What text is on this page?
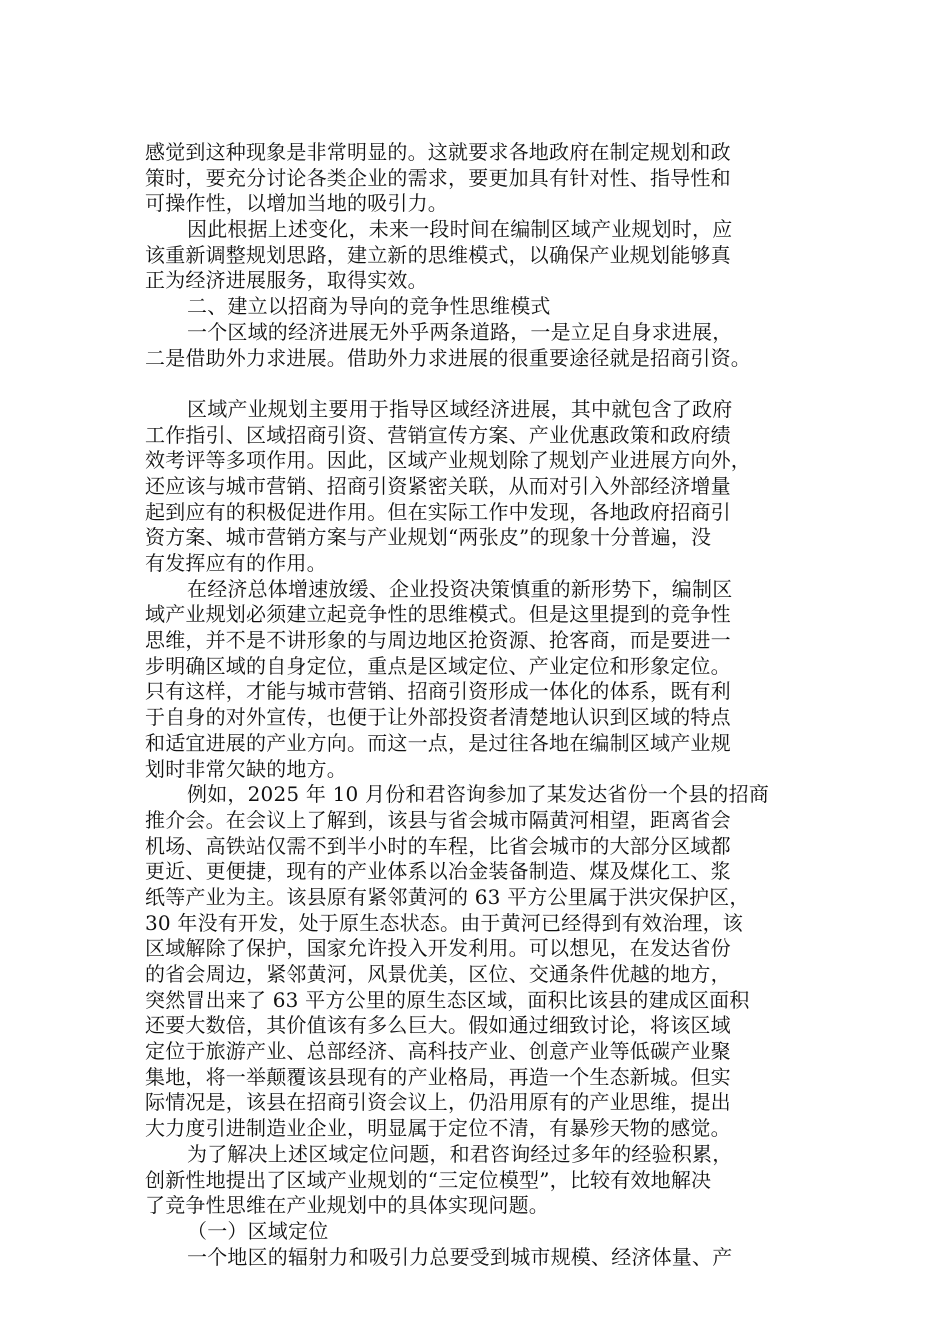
感觉到这种现象是非常明显的。这就要求各地政府在制定规划和政
策时，要充分讨论各类企业的需求，要更加具有针对性、指导性和
可操作性，以增加当地的吸引力。
因此根据上述变化，未来一段时间在编制区域产业规划时，应
该重新调整规划思路，建立新的思维模式，以确保产业规划能够真
正为经济进展服务，取得实效。
二、建立以招商为导向的竞争性思维模式
一个区域的经济进展无外乎两条道路，一是立足自身求进展，
二是借助外力求进展。借助外力求进展的很重要途径就是招商引资。
区域产业规划主要用于指导区域经济进展，其中就包含了政府
工作指引、区域招商引资、营销宣传方案、产业优惠政策和政府绩
效考评等多项作用。因此，区域产业规划除了规划产业进展方向外，
还应该与城市营销、招商引资紧密关联，从而对引入外部经济增量
起到应有的积极促进作用。但在实际工作中发现，各地政府招商引
资方案、城市营销方案与产业规划“两张皮”的现象十分普遍，没
有发挥应有的作用。
在经济总体增速放缓、企业投资决策慎重的新形势下，编制区
域产业规划必须建立起竞争性的思维模式。但是这里提到的竞争性
思维，并不是不讲形象的与周边地区抢资源、抢客商，而是要进一
步明确区域的自身定位，重点是区域定位、产业定位和形象定位。
只有这样，才能与城市营销、招商引资形成一体化的体系，既有利
于自身的对外宣传，也便于让外部投资者清楚地认识到区域的特点
和适宜进展的产业方向。而这一点，是过往各地在编制区域产业规
划时非常欠缺的地方。
例如，2025 年 10 月份和君咨询参加了某发达省份一个县的招商
推介会。在会议上了解到，该县与省会城市隔黄河相望，距离省会
机场、高铁站仅需不到半小时的车程，比省会城市的大部分区域都
更近、更便捷，现有的产业体系以冶金装备制造、煤及煤化工、浆
纸等产业为主。该县原有紧邻黄河的 63 平方公里属于洪灾保护区，
30 年没有开发，处于原生态状态。由于黄河已经得到有效治理，该
区域解除了保护，国家允许投入开发利用。可以想见，在发达省份
的省会周边，紧邻黄河，风景优美，区位、交通条件优越的地方，
突然冒出来了 63 平方公里的原生态区域，面积比该县的建成区面积
还要大数倍，其价值该有多么巨大。假如通过细致讨论，将该区域
定位于旅游产业、总部经济、高科技产业、创意产业等低碳产业聚
集地，将一举颠覆该县现有的产业格局，再造一个生态新城。但实
际情况是，该县在招商引资会议上，仍沿用原有的产业思维，提出
大力度引进制造业企业，明显属于定位不清，有暴殄天物的感觉。
为了解决上述区域定位问题，和君咨询经过多年的经验积累，
创新性地提出了区域产业规划的“三定位模型”，比较有效地解决
了竞争性思维在产业规划中的具体实现问题。
（一）区域定位
一个地区的辐射力和吸引力总要受到城市规模、经济体量、产
